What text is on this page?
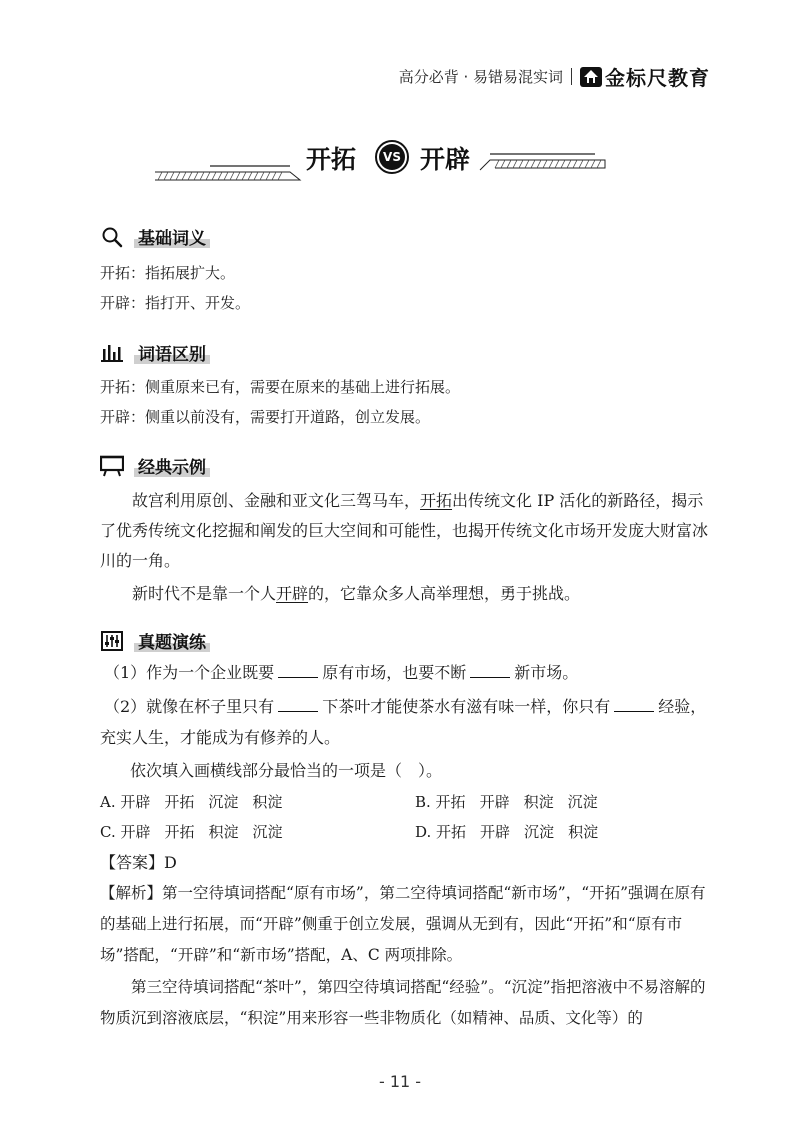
高分必背 · 易错易混实词 金标尺教育
开拓	VS 开辟
基础词义
开拓：指拓展扩大。
开辟：指打开、开发。
词语区别
开拓：侧重原来已有，需要在原来的基础上进行拓展。
开辟：侧重以前没有，需要打开道路，创立发展。
经典示例
故宫利用原创、金融和亚文化三驾马车，开拓出传统文化 IP 活化的新路径，揭示了优秀传统文化挖掘和阐发的巨大空间和可能性，也揭开传统文化市场开发庞大财富冰川的一角。
新时代不是靠一个人开辟的，它靠众多人高举理想，勇于挑战。
真题演练
（1）作为一个企业既要	原有市场，也要不断	新市场。
（2）就像在杯子里只有	下茶叶才能使茶水有滋有味一样，你只有	经验，
充实人生，才能成为有修养的人。
依次填入画横线部分最恰当的一项是（　）。
A. 开辟 开拓 沉淀 积淀	B. 开拓 开辟 积淀 沉淀
C. 开辟 开拓 积淀 沉淀	D. 开拓 开辟 沉淀 积淀
【答案】D
【解析】第一空待填词搭配“原有市场”，第二空待填词搭配“新市场”，“开拓”强调在原有的基础上进行拓展，而“开辟”侧重于创立发展，强调从无到有，因此“开拓”和“原有市场”搭配，“开辟”和“新市场”搭配，A、C 两项排除。
第三空待填词搭配“茶叶”，第四空待填词搭配“经验”。“沉淀”指把溶液中不易溶解的物质沉到溶液底层，“积淀”用来形容一些非物质化（如精神、品质、文化等）的
- 11 -
